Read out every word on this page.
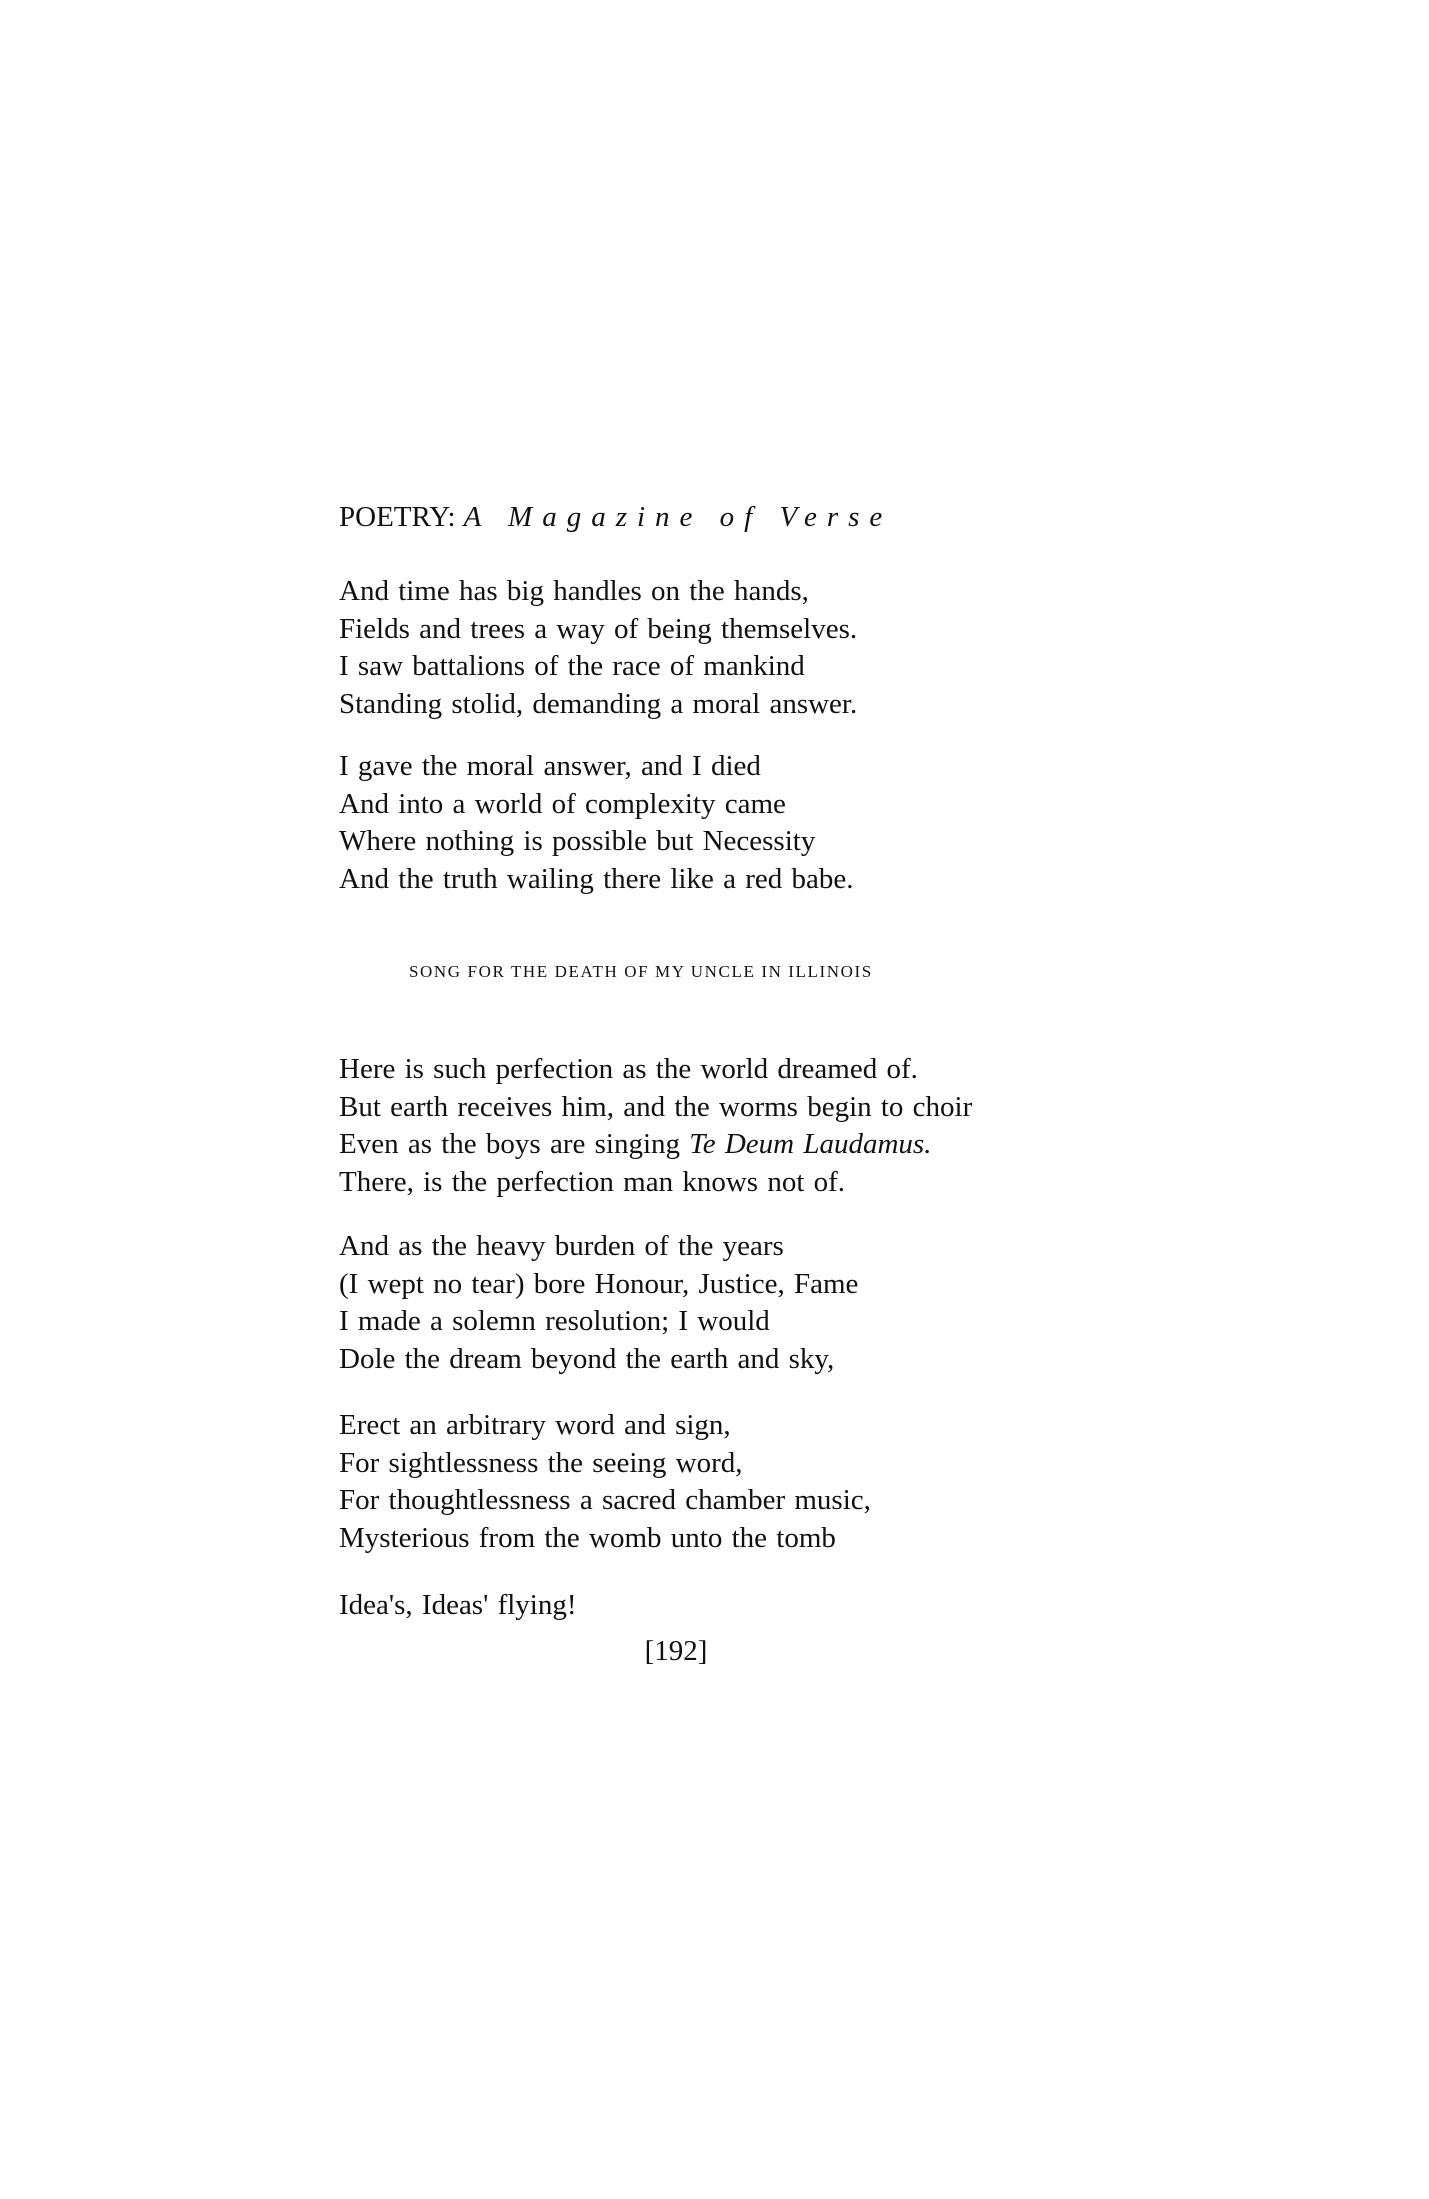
POETRY: A Magazine of Verse
And time has big handles on the hands,
Fields and trees a way of being themselves.
I saw battalions of the race of mankind
Standing stolid, demanding a moral answer.
I gave the moral answer, and I died
And into a world of complexity came
Where nothing is possible but Necessity
And the truth wailing there like a red babe.
SONG FOR THE DEATH OF MY UNCLE IN ILLINOIS
Here is such perfection as the world dreamed of.
But earth receives him, and the worms begin to choir
Even as the boys are singing Te Deum Laudamus.
There, is the perfection man knows not of.
And as the heavy burden of the years
(I wept no tear) bore Honour, Justice, Fame
I made a solemn resolution; I would
Dole the dream beyond the earth and sky,
Erect an arbitrary word and sign,
For sightlessness the seeing word,
For thoughtlessness a sacred chamber music,
Mysterious from the womb unto the tomb
Idea's, Ideas' flying!
[192]
